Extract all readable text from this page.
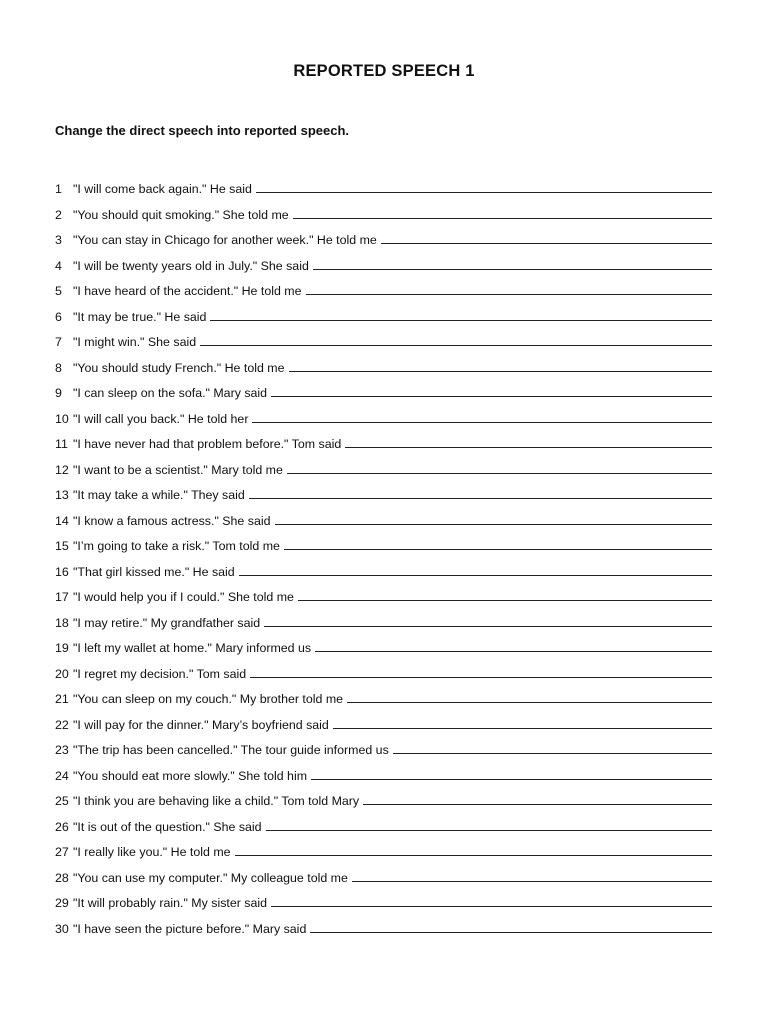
REPORTED SPEECH 1
Change the direct speech into reported speech.
1 "I will come back again." He said
2 "You should quit smoking." She told me
3 "You can stay in Chicago for another week." He told me
4 "I will be twenty years old in July." She said
5 "I have heard of the accident." He told me
6 "It may be true." He said
7 "I might win." She said
8 "You should study French." He told me
9 "I can sleep on the sofa." Mary said
10 "I will call you back." He told her
11 "I have never had that problem before." Tom said
12 "I want to be a scientist." Mary told me
13 "It may take a while." They said
14 "I know a famous actress." She said
15 "I’m going to take a risk." Tom told me
16 "That girl kissed me." He said
17 "I would help you if I could." She told me
18 "I may retire." My grandfather said
19 "I left my wallet at home." Mary informed us
20 "I regret my decision." Tom said
21 "You can sleep on my couch." My brother told me
22 "I will pay for the dinner." Mary’s boyfriend said
23 "The trip has been cancelled." The tour guide informed us
24 "You should eat more slowly." She told him
25 "I think you are behaving like a child." Tom told Mary
26 "It is out of the question." She said
27 "I really like you." He told me
28 "You can use my computer." My colleague told me
29 "It will probably rain." My sister said
30 "I have seen the picture before." Mary said
